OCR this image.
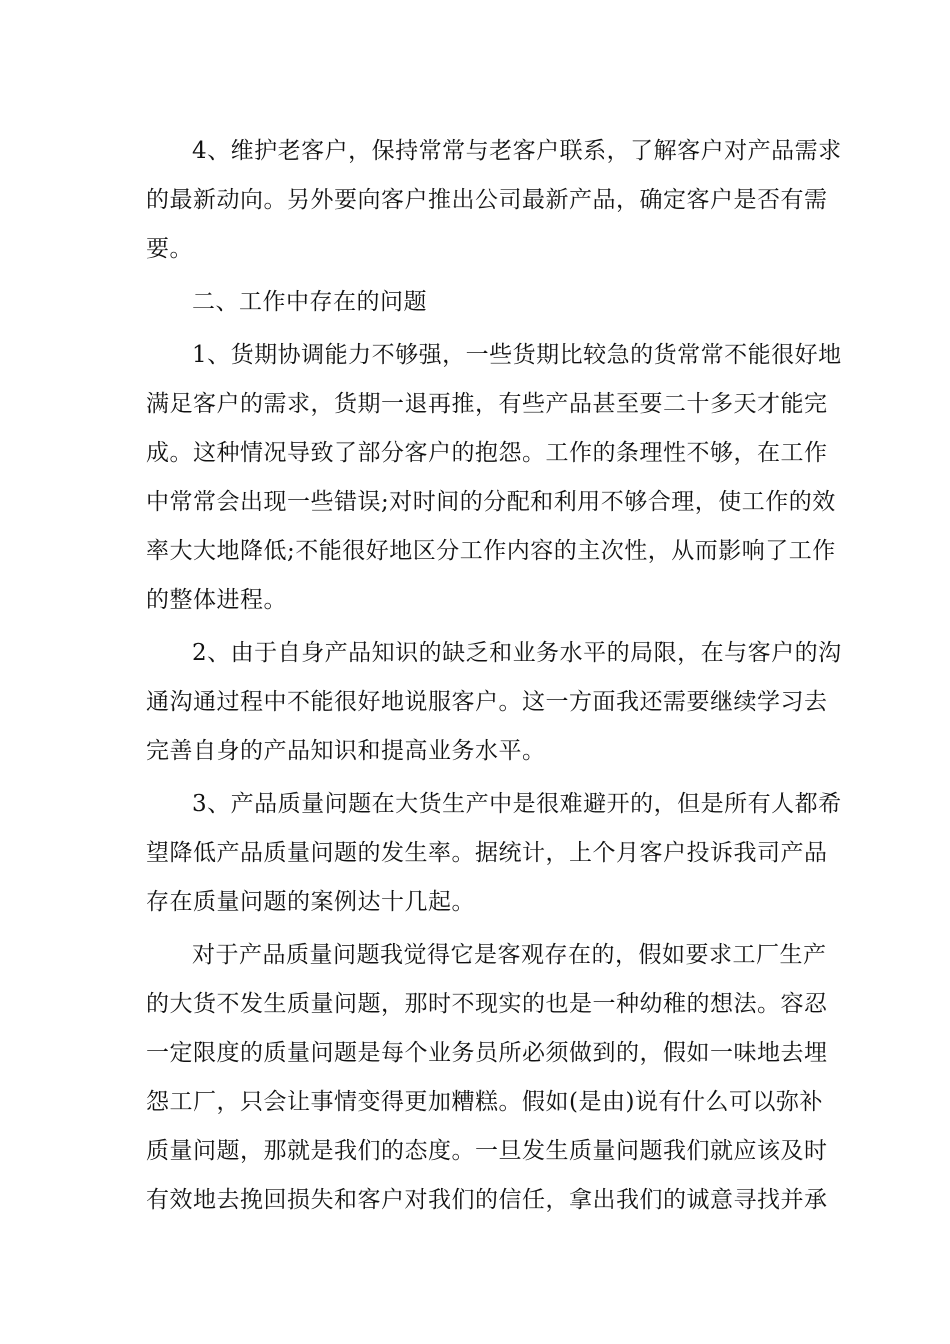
4、维护老客户，保持常常与老客户联系，了解客户对产品需求
的最新动向。另外要向客户推出公司最新产品，确定客户是否有需
要。
二、工作中存在的问题
1、货期协调能力不够强，一些货期比较急的货常常不能很好地
满足客户的需求，货期一退再推，有些产品甚至要二十多天才能完
成。这种情况导致了部分客户的抱怨。工作的条理性不够，在工作
中常常会出现一些错误;对时间的分配和利用不够合理，使工作的效
率大大地降低;不能很好地区分工作内容的主次性，从而影响了工作
的整体进程。
2、由于自身产品知识的缺乏和业务水平的局限，在与客户的沟
通沟通过程中不能很好地说服客户。这一方面我还需要继续学习去
完善自身的产品知识和提高业务水平。
3、产品质量问题在大货生产中是很难避开的，但是所有人都希
望降低产品质量问题的发生率。据统计，上个月客户投诉我司产品
存在质量问题的案例达十几起。
对于产品质量问题我觉得它是客观存在的，假如要求工厂生产
的大货不发生质量问题，那时不现实的也是一种幼稚的想法。容忍
一定限度的质量问题是每个业务员所必须做到的，假如一味地去埋
怨工厂，只会让事情变得更加糟糕。假如(是由)说有什么可以弥补
质量问题，那就是我们的态度。一旦发生质量问题我们就应该及时
有效地去挽回损失和客户对我们的信任，拿出我们的诚意寻找并承
